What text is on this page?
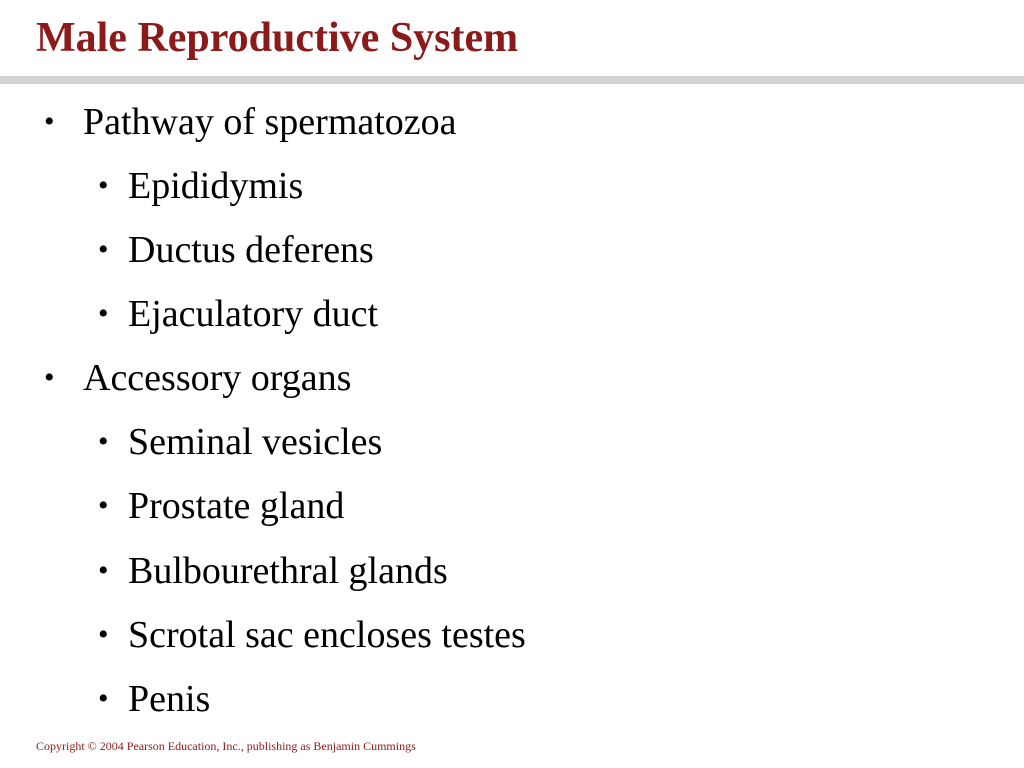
Male Reproductive System
• Pathway of spermatozoa
• Epididymis
• Ductus deferens
• Ejaculatory duct
• Accessory organs
• Seminal vesicles
• Prostate gland
• Bulbourethral glands
• Scrotal sac encloses testes
• Penis

Copyright © 2004 Pearson Education, Inc., publishing as Benjamin Cummings
